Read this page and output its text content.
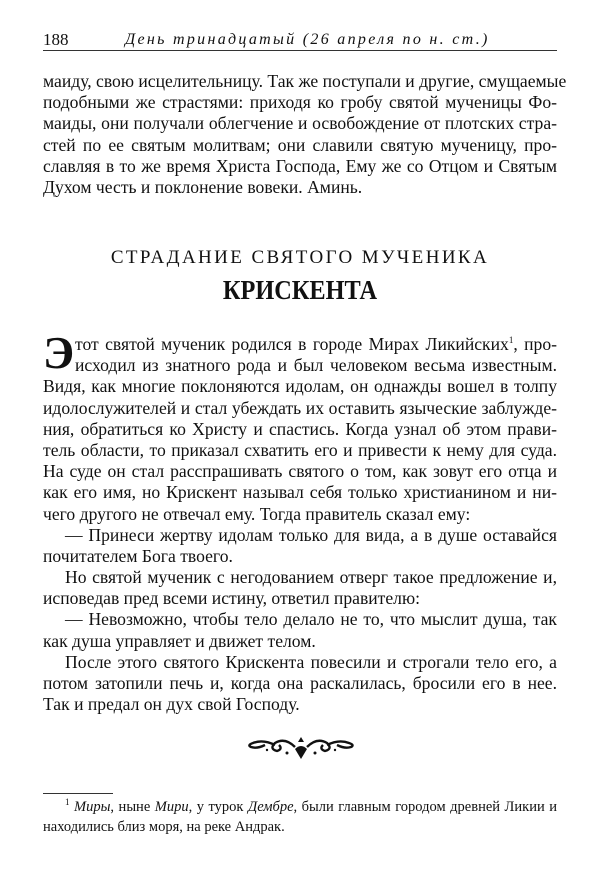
188	День тринадцатый (26 апреля по н. ст.)
маиду, свою исцелительницу. Так же поступали и другие, смущаемые
подобными же страстями: приходя ко гробу святой мученицы Фо-
маиды, они получали облегчение и освобождение от плотских стра-
стей по ее святым молитвам; они славили святую мученицу, про-
славляя в то же время Христа Господа, Ему же со Отцом и Святым
Духом честь и поклонение вовеки. Аминь.
СТРАДАНИЕ СВЯТОГО МУЧЕНИКА
КРИСКЕНТА
Э тот святой мученик родился в городе Мирах Ликийских$^1$, про-
исходил из знатного рода и был человеком весьма известным.
Видя, как многие поклоняются идолам, он однажды вошел в толпу
идолослужителей и стал убеждать их оставить языческие заблужде-
ния, обратиться ко Христу и спастись. Когда узнал об этом прави-
тель области, то приказал схватить его и привести к нему для суда.
На суде он стал расспрашивать святого о том, как зовут его отца и
как его имя, но Крискент называл себя только христианином и ни-
чего другого не отвечал ему. Тогда правитель сказал ему:
— Принеси жертву идолам только для вида, а в душе оставайся
почитателем Бога твоего.
Но святой мученик с негодованием отверг такое предложение и,
исповедав пред всеми истину, ответил правителю:
— Невозможно, чтобы тело делало не то, что мыслит душа, так
как душа управляет и движет телом.
После этого святого Крискента повесили и строгали тело его, а
потом затопили печь и, когда она раскалилась, бросили его в нее.
Так и предал он дух свой Господу.
$^1$ Миры, ныне Мири, у турок Дембре, были главным городом древней Ликии и
находились близ моря, на реке Андрак.
